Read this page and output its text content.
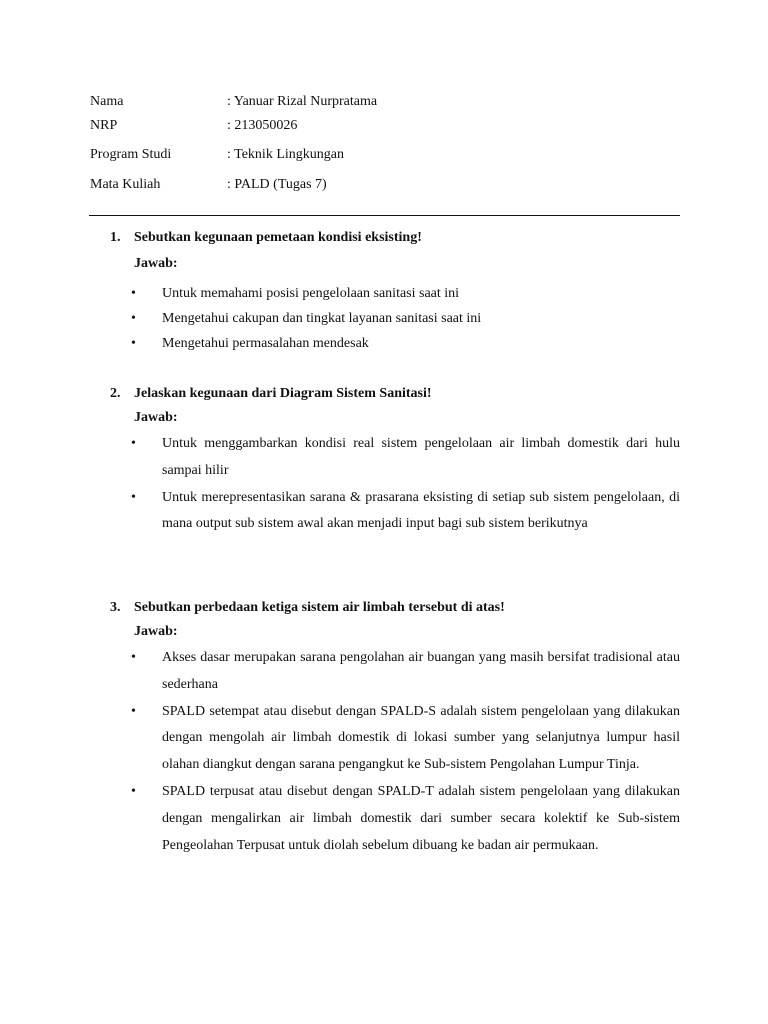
Nama	: Yanuar Rizal Nurpratama
NRP	: 213050026
Program Studi	: Teknik Lingkungan
Mata Kuliah	: PALD (Tugas 7)
1. Sebutkan kegunaan pemetaan kondisi eksisting!
Jawab:
• Untuk memahami posisi pengelolaan sanitasi saat ini
• Mengetahui cakupan dan tingkat layanan sanitasi saat ini
• Mengetahui permasalahan mendesak
2. Jelaskan kegunaan dari Diagram Sistem Sanitasi!
Jawab:
• Untuk menggambarkan kondisi real sistem pengelolaan air limbah domestik dari hulu sampai hilir
• Untuk merepresentasikan sarana & prasarana eksisting di setiap sub sistem pengelolaan, di mana output sub sistem awal akan menjadi input bagi sub sistem berikutnya
3. Sebutkan perbedaan ketiga sistem air limbah tersebut di atas!
Jawab:
• Akses dasar merupakan sarana pengolahan air buangan yang masih bersifat tradisional atau sederhana
• SPALD setempat atau disebut dengan SPALD-S adalah sistem pengelolaan yang dilakukan dengan mengolah air limbah domestik di lokasi sumber yang selanjutnya lumpur hasil olahan diangkut dengan sarana pengangkut ke Sub-sistem Pengolahan Lumpur Tinja.
• SPALD terpusat atau disebut dengan SPALD-T adalah sistem pengelolaan yang dilakukan dengan mengalirkan air limbah domestik dari sumber secara kolektif ke Sub-sistem Pengeolahan Terpusat untuk diolah sebelum dibuang ke badan air permukaan.
